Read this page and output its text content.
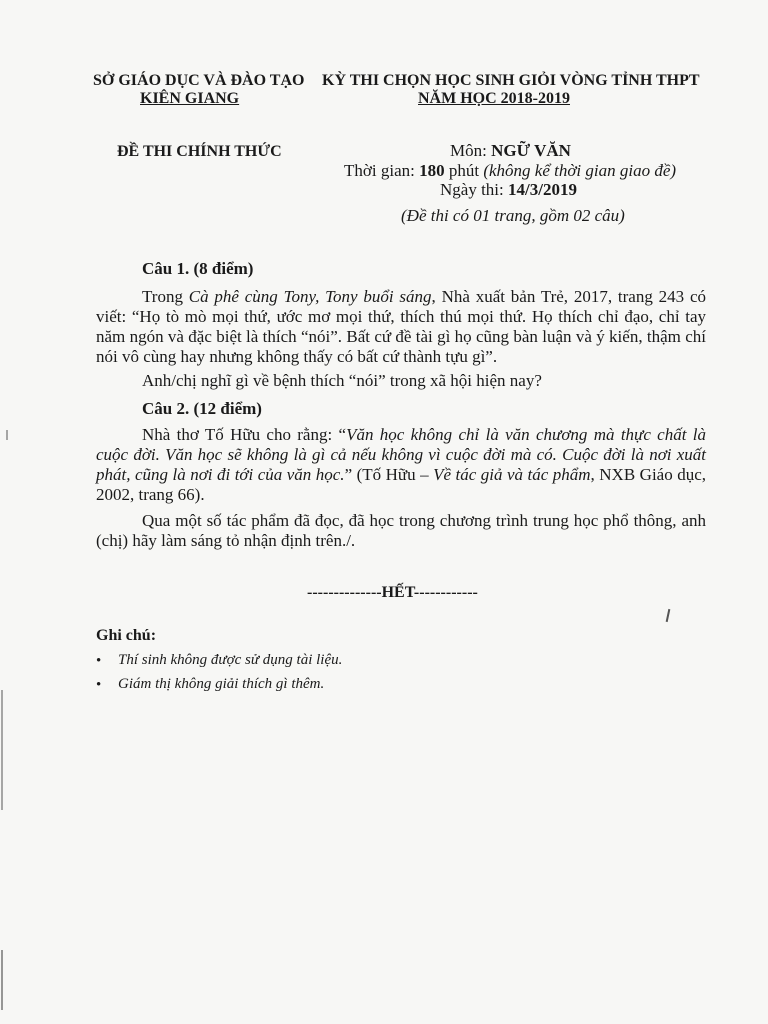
SỞ GIÁO DỤC VÀ ĐÀO TẠO
KIÊN GIANG
KỲ THI CHỌN HỌC SINH GIỎI VÒNG TỈNH THPT
NĂM HỌC 2018-2019
ĐỀ THI CHÍNH THỨC	Môn: NGỮ VĂN
Thời gian: 180 phút (không kể thời gian giao đề)
Ngày thi: 14/3/2019
(Đề thi có 01 trang, gồm 02 câu)
Câu 1. (8 điểm)
Trong Cà phê cùng Tony, Tony buổi sáng, Nhà xuất bản Trẻ, 2017, trang 243 có viết: “Họ tò mò mọi thứ, ước mơ mọi thứ, thích thú mọi thứ. Họ thích chỉ đạo, chỉ tay năm ngón và đặc biệt là thích “nói”. Bất cứ đề tài gì họ cũng bàn luận và ý kiến, thậm chí nói vô cùng hay nhưng không thấy có bất cứ thành tựu gì”.
Anh/chị nghĩ gì về bệnh thích “nói” trong xã hội hiện nay?
Câu 2. (12 điểm)
Nhà thơ Tố Hữu cho rằng: “Văn học không chỉ là văn chương mà thực chất là cuộc đời. Văn học sẽ không là gì cả nếu không vì cuộc đời mà có. Cuộc đời là nơi xuất phát, cũng là nơi đi tới của văn học.” (Tố Hữu – Về tác giả và tác phẩm, NXB Giáo dục, 2002, trang 66).
Qua một số tác phẩm đã đọc, đã học trong chương trình trung học phổ thông, anh (chị) hãy làm sáng tỏ nhận định trên./.
--------------HẾT------------
Ghi chú:
• Thí sinh không được sử dụng tài liệu.
• Giám thị không giải thích gì thêm.
